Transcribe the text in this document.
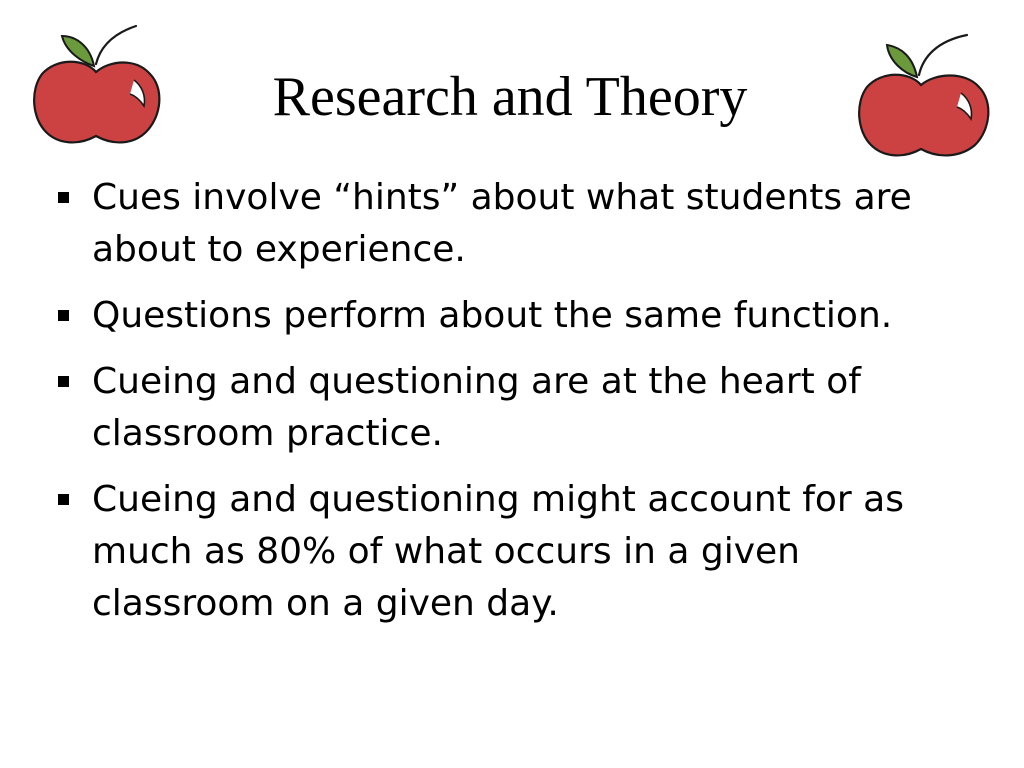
Research and Theory
Cues involve “hints” about what students are about to experience.
Questions perform about the same function.
Cueing and questioning are at the heart of classroom practice.
Cueing and questioning might account for as much as 80% of what occurs in a given classroom on a given day.
